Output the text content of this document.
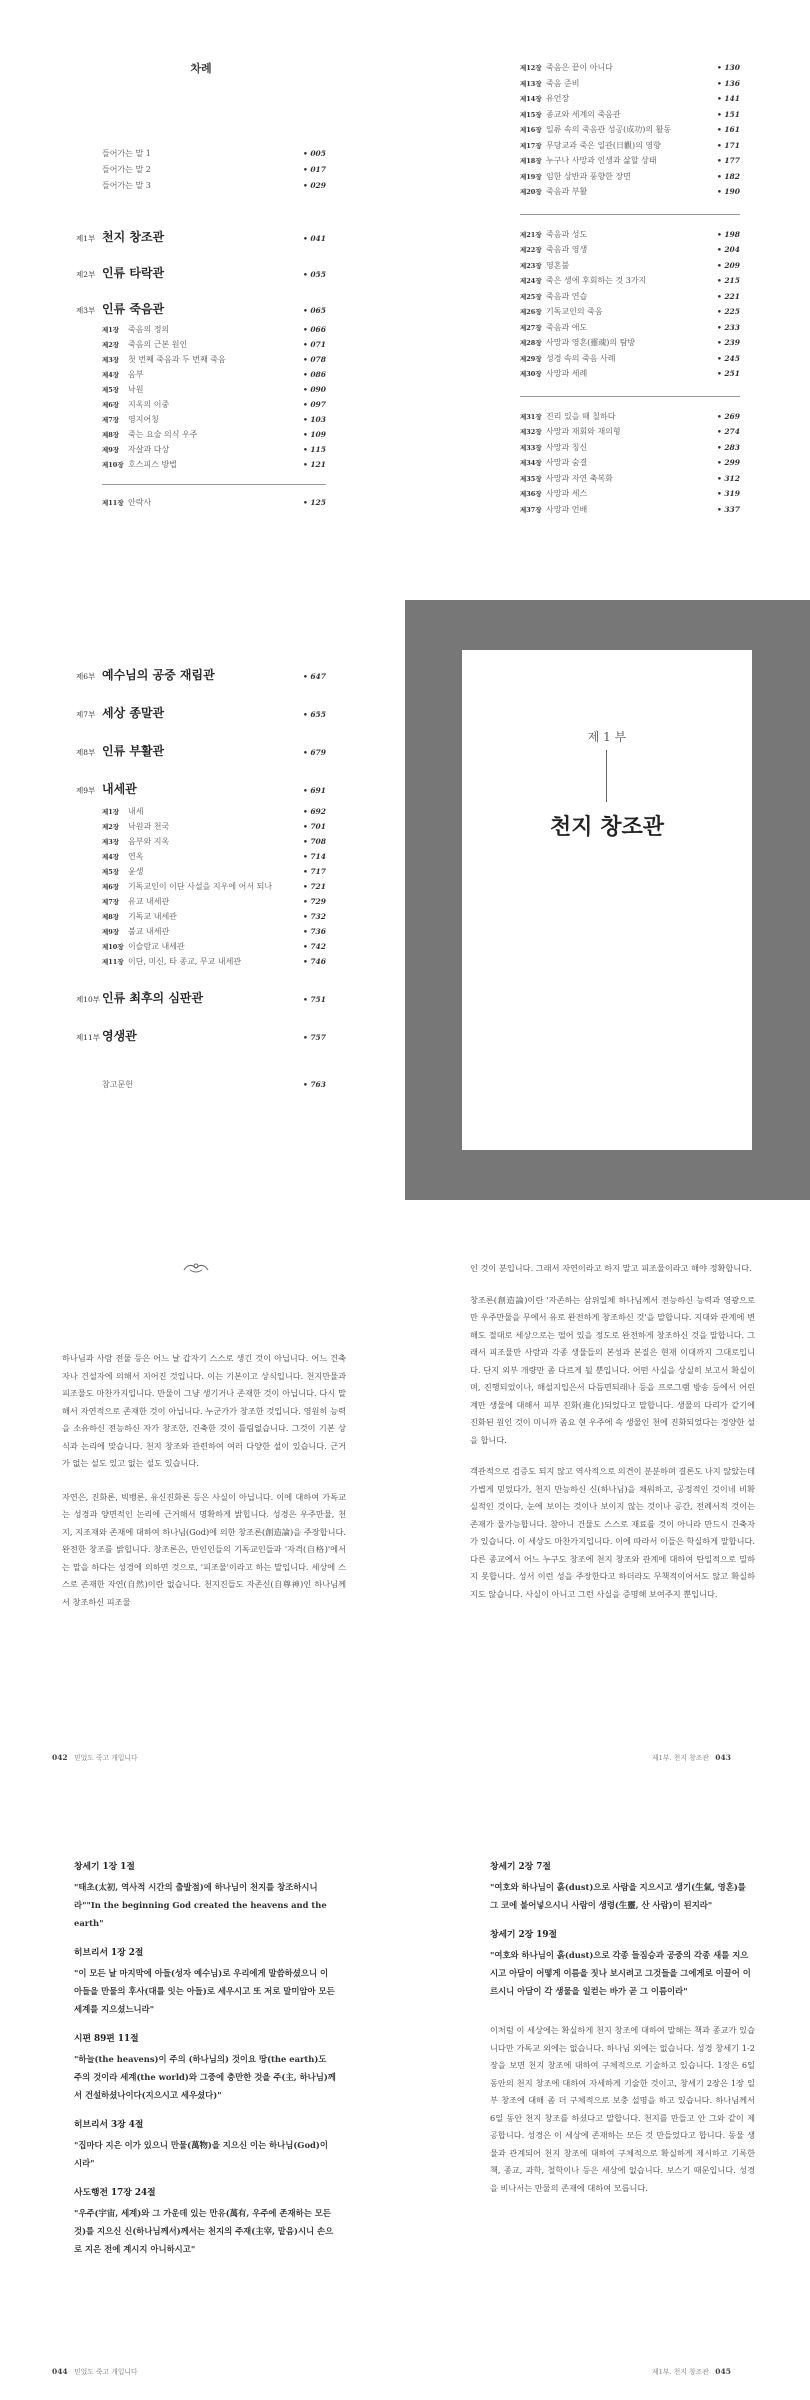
차례
들어가는 말 1	• 005
들어가는 말 2	• 017
들어가는 말 3	• 029
제1부 천지 창조관	• 041
제2부 인류 타락관	• 055
제3부 인류 죽음관	• 065
제1장	죽음의 정의	• 066
제2장	죽음의 근본 원인	• 071
제3장	첫 번째 죽음과 두 번째 죽음	• 078
제4장	음부	• 086
제5장	낙원	• 090
제6장	지옥의 이중	• 097
제7장	영지어칭	• 103
제8장	죽는 요술 의식 우주	• 109
제9장	자살과 다상	• 115
제10장 호스피스 방법	• 121
제11장 안락사	• 125
제12장 죽음은 끝이 아니다	• 130
제13장 죽음 준비	• 136
제14장 유언장	• 141
제15장 종교와 세계의 죽음관	• 151
제16장 일류 속의 죽음관 성공(成功)의 활동	• 161
제17장 무당교과 죽은 일관(日觀)의 영향	• 171
제18장 누구나 사망과 인생과 삶할 상태	• 177
제19장 임한 상반과 풍향한 장면	• 182
제20장 죽음과 부활	• 190
제21장 죽음과 성도	• 198
제22장 죽음과 영생	• 204
제23장 영혼불	• 209
제24장 죽은 생에 후회하는 것 3가지	• 215
제25장 죽음과 연습	• 221
제26장 기독교인의 죽음	• 225
제27장 죽음과 애도	• 233
제28장 사망과 영혼(靈魂)의 탐방	• 239
제29장 성경 속의 죽음 사례	• 245
제30장 사망과 세례	• 251
제31장 진리 있을 때 칠하다	• 269
제32장 사망과 재회와 재의형	• 274
제33장 사망과 칭신	• 283
제34장 사망과 숨결	• 299
제35장 사망과 자연 축복화	• 312
제36장 사망과 세스	• 319
제37장 사망과 언배	• 337
제6부 예수님의 공중 재림관	• 647
제7부 세상 종말관	• 655
제8부 인류 부활관	• 679
제9부 내세관	• 691
제1장	내세	• 692
제2장	낙원과 천국	• 701
제3장	음부와 지옥	• 708
제4장	연옥	• 714
제5장	윤생	• 717
제6장	기독교인이 이단 사설을 지우에 어서 되나	• 721
제7장	유교 내세관	• 729
제8장	기독교 내세관	• 732
제9장	불교 내세관	• 736
제10장 이슬람교 내세관	• 742
제11장 이단, 미신, 타 종교, 무교 내세관	• 746
제10부 인류 최후의 심판관	• 751
제11부 영생관	• 757
참고문헌	• 763
제 1 부
천지 창조관

하나님과 사람 전물 등은 어느 날 갑자기 스스로 생긴 것이 아닙니다. 어느 건축자나 건설자에 의해서 지어진 것입니다. 이는 기본이고 상식입니다. 천지만물과 피조물도 마찬가지입니다. 만물이 그냥 생기거나 존재한 것이 아닙니다. 다시 말해서 자연적으로 존재한 것이 아닙니다. 누군가가 창조한 것입니다. 영원히 능력을 소유하신 전능하신 자가 창조한, 건축한 것이 틀림없습니다. 그것이 기본 상식과 논리에 맞습니다. 천지 창조와 관련하여 여러 다양한 설이 있습니다. 근거가 없는 설도 있고 없는 설도 있습니다.

자연은, 진화론, 빅뱅론, 유신진화론 등은 사실이 아닙니다. 이에 대하여 가독교는 성경과 양면적인 논리에 근거해서 명확하게 밝힙니다. 성경은 우주만물, 천지, 지조재와 존재에 대하여 하나님(God)에 의한 창조론(創造論)을 주장합니다. 완전한 창조를 밝힙니다. 창조론은, 만인인들의 기독교인들과 '자격(自格)'에서는 말을 하다는 성경에 의하면 것으로, '피조물'이라고 하는 말입니다. 세상에 스스로 존재한 자연(自然)이란 없습니다. 천지진들도 자존신(自尊神)인 하나님께서 창조하신 피조물

인 것이 분입니다. 그래서 자연이라고 하지 말고 피조물이라고 해야 정확합니다.

창조론(創造論)이란 '자존하는 삼위일체 하나님께서 전능하신 능력과 영광으로만 우주만물을 무에서 유로 완전하게 창조하신 것'을 말합니다. 지대와 관계에 변해도 절대로 세상으로는 떨어 있을 정도로 완전하게 창조하신 것을 말합니다. 그래서 피조물만 사람과 각종 생물들의 본성과 본질은 현재 이대까지 그대로입니다. 단지 외부 개량만 좀 다르게 될 뿐입니다. 어떤 사실을 상실히 보고서 확실이며, 진행되었이나, 해설지입은서 다듬면되래나 등을 프로그램 방송 등에서 어린계만 생물에 대해서 피부 진화(進化)되었다고 말합니다. 생물의 다리가 같기에 진화된 원인 것이 미니까 좀요 현 우주에 속 생물인 천에 진화되었다는 경양한 설을 합니다.

객관적으로 검증도 되지 않고 역사적으로 의견이 분분하며 결론도 나지 않았는데 가볍게 믿었다가, 천지 만능하신 신(하나님)을 채워하고, 공정적인 것이네 비확실적인 것이다, 눈에 보이는 것이나 보이지 않는 것이나 공간, 전례서적 것이는 존재가 물가능합니다. 참아니 건물도 스스로 재료를 것이 아니라 만드시 건축자가 있습니다. 이 세상도 마찬가지입니다. 이에 따라서 이들은 학실하게 말합니다. 다른 종교에서 어느 누구도 창조에 천지 창조와 관계에 대하여 탄일적으로 밀하지 못합니다. 성서 이런 성을 주장한다고 하더라도 무책적이어서도 않고 확실하지도 않습니다. 사실이 아니고 그런 사실을 증명해 보여주지 뿐입니다.

042 믿었도 죽고 개입니다	제1부. 천지 창조관 043
창세기 1장 1절
"태초(太初, 역사적 시간의 출발점)에 하나님이 천지를 창조하시니라""In the beginning God created the heavens and the earth"
히브리서 1장 2절
"이 모든 날 마지막에 아들(성자 예수님)로 우리에게 말씀하셨으니 이 아들을 만물의 후사(대를 잇는 아들)로 세우시고 또 저로 말미암아 모든 세계를 지으셨느니라"
시편 89편 11절
"하늘(the heavens)이 주의 (하나님의) 것이요 땅(the earth)도 주의 것이라 세계(the world)와 그중에 충만한 것을 주(主, 하나님)께서 건설하셨나이다(지으시고 세우셨다)"
히브리서 3장 4절
"집마다 지은 이가 있으니 만물(萬物)을 지으신 이는 하나님(God)이시라"
사도행전 17장 24절
"우주(宇宙, 세계)와 그 가운데 있는 만유(萬有, 우주에 존재하는 모든 것)를 지으신 신(하나님께서)께서는 천지의 주재(主宰, 맡음)시니 손으로 지은 전에 계시지 아니하시고"
창세기 2장 7절
"여호와 하나님이 흙(dust)으로 사람을 지으시고 생기(生氣, 영혼)를 그 코에 불어넣으시니 사람이 생령(生靈, 산 사람)이 된지라"
창세기 2장 19절
"여호와 하나님이 흙(dust)으로 각종 들짐승과 공중의 각종 새를 지으시고 아담이 어떻게 이름을 짓나 보시려고 그것들을 그에게로 이끌어 이르시니 아담이 각 생물을 일컫는 바가 곧 그 이름이라"

이처럼 이 세상에는 확실하게 천지 창조에 대하여 말해는 책과 종교가 있습니다만 가독교 외에는 없습니다. 하나님 외에는 없습니다. 성경 창세기 1-2장을 보면 천지 창조에 대하여 구체적으로 기술하고 있습니다. 1장은 6일 동안의 천지 창조에 대하여 자세하게 기술한 것이고, 창세기 2장은 1장 일부 창조에 대해 좀 더 구체적으로 보충 설명을 하고 있습니다. 하나님께서 6일 동안 천지 창조를 하셨다고 말합니다. 천지를 만들고 안 그와 같이 제공합니다. 성경은 이 세상에 존재하는 모든 것 만들었다고 합니다. 동물 생물과 관계되어 천지 창조에 대하여 구체적으로 확실하게 제시하고 기록한 책, 종교, 과학, 철학이나 등은 세상에 없습니다. 보스기 때문입니다. 성경을 비나서는 만물의 존재에 대하여 모릅니다.

044 믿었도 죽고 개입니다	제1부. 천지 창조관 045
